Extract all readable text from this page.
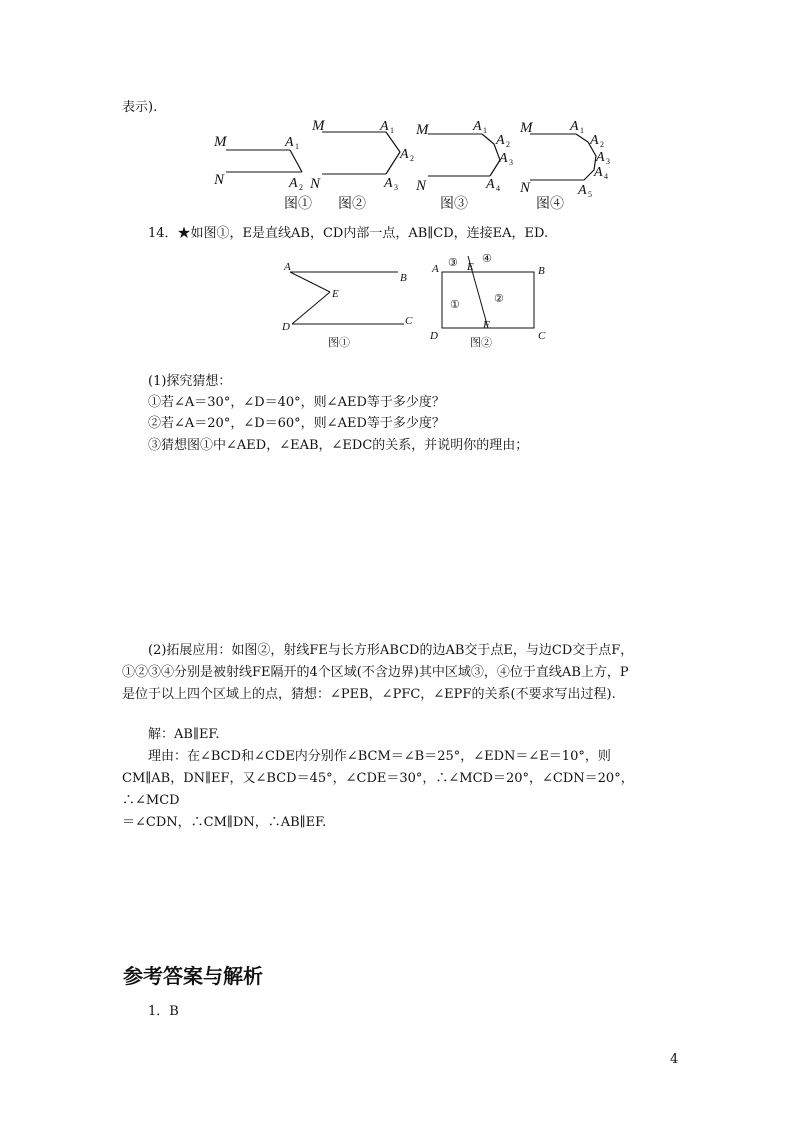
表示).
M
N
A 1
A 2
图①
M
N
A 1
A 2
A 3
图②
M
N
A 1
A 2
A 3
A 4
图③
M
N
A 1
A 2
A 3
A 4
A 5
图④
14．★如图①，E是直线AB，CD内部一点，AB∥CD，连接EA，ED.
A
B
E
D	C
图①
A	B
C
D
E
F
③ ④
①	②
图②
(1)探究猜想：
①若∠A＝30°，∠D＝40°，则∠AED等于多少度？
②若∠A＝20°，∠D＝60°，则∠AED等于多少度？
③猜想图①中∠AED，∠EAB，∠EDC的关系，并说明你的理由；

(2)拓展应用：如图②，射线FE与长方形ABCD的边AB交于点E，与边CD交于点F，

①②③④分别是被射线FE隔开的4个区域(不含边界)其中区域③，④位于直线AB上方，P

是位于以上四个区域上的点，猜想：∠PEB，∠PFC，∠EPF的关系(不要求写出过程).

解：AB∥EF.

理由：在∠BCD和∠CDE内分别作∠BCM＝∠B＝25°，∠EDN＝∠E＝10°，则

CM∥AB，DN∥EF，又∠BCD＝45°，∠CDE＝30°，∴∠MCD＝20°，∠CDN＝20°，∴∠MCD

＝∠CDN，∴CM∥DN，∴AB∥EF.

参考答案与解析
1．B
4
